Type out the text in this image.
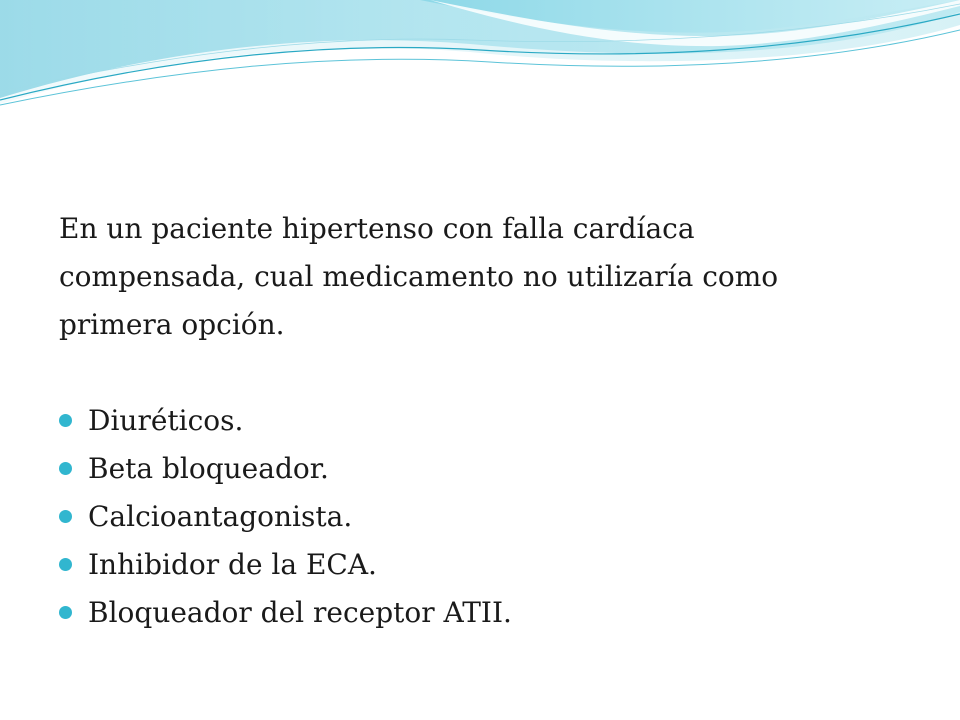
En un paciente hipertenso con falla cardíaca
compensada, cual medicamento no utilizaría como
primera opción.

Diuréticos.
Beta bloqueador.
Calcioantagonista.
Inhibidor de la ECA.
Bloqueador del receptor ATII.
